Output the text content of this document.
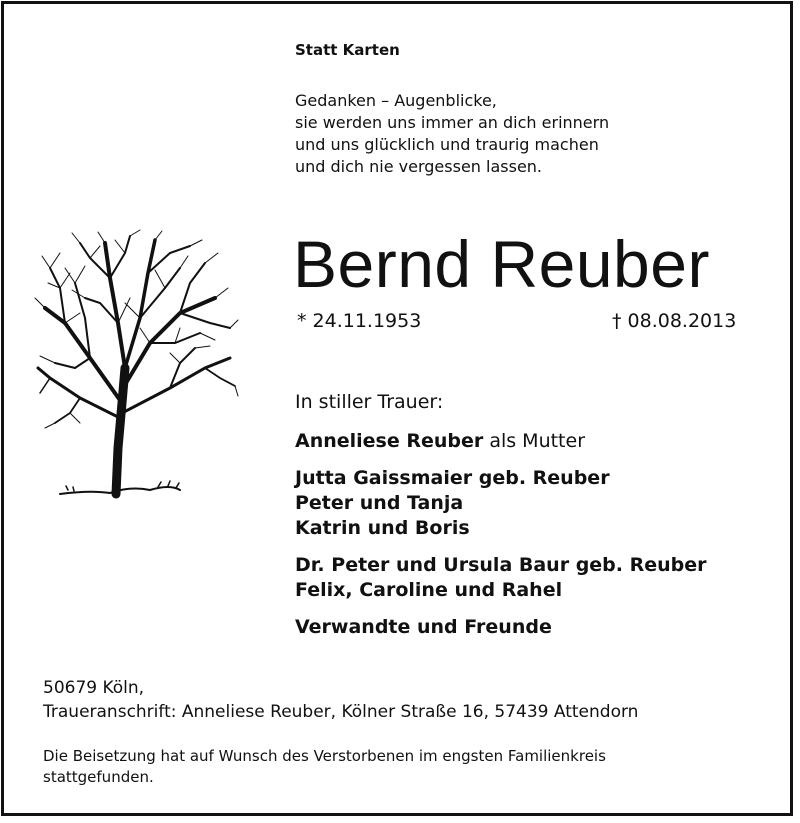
Statt Karten
Gedanken – Augenblicke,
sie werden uns immer an dich erinnern
und uns glücklich und traurig machen
und dich nie vergessen lassen.
Bernd Reuber
* 24.11.1953	† 08.08.2013
In stiller Trauer:
Anneliese Reuber als Mutter
Jutta Gaissmaier geb. Reuber
Peter und Tanja
Katrin und Boris
Dr. Peter und Ursula Baur geb. Reuber
Felix, Caroline und Rahel
Verwandte und Freunde
50679 Köln,
Traueranschrift: Anneliese Reuber, Kölner Straße 16, 57439 Attendorn
Die Beisetzung hat auf Wunsch des Verstorbenen im engsten Familienkreis
stattgefunden.
